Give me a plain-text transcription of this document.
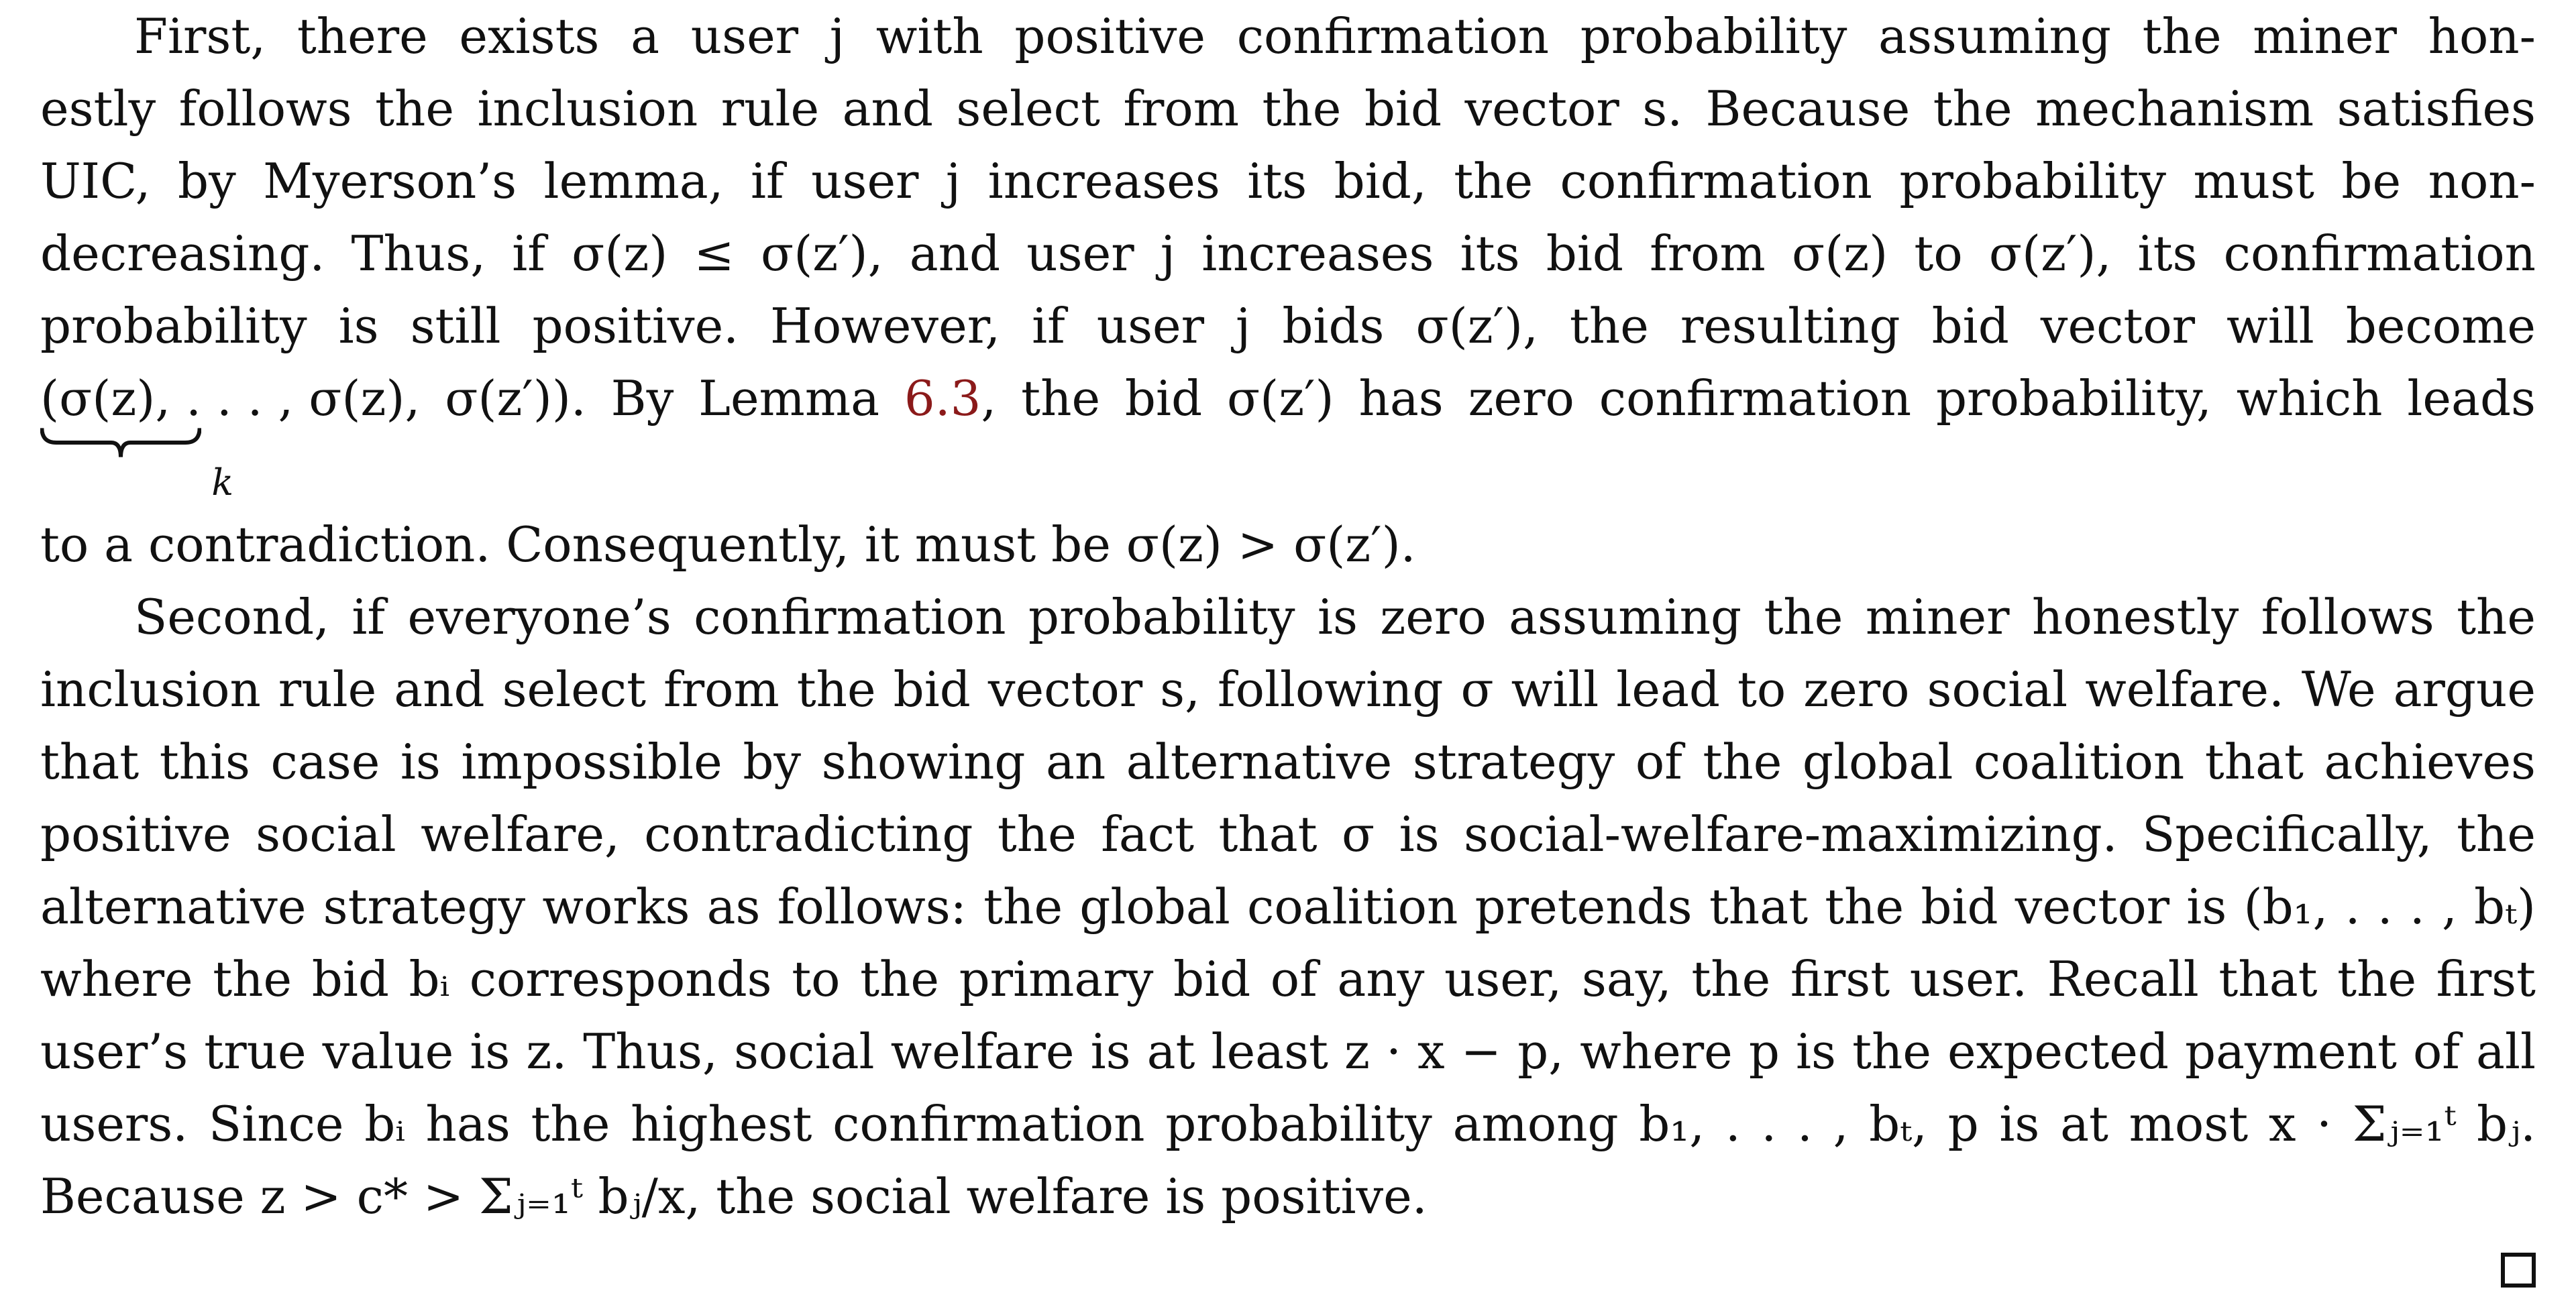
First, there exists a user j with positive confirmation probability assuming the miner hon-

estly follows the inclusion rule and select from the bid vector s. Because the mechanism satisfies

UIC, by Myerson’s lemma, if user j increases its bid, the confirmation probability must be non-

decreasing. Thus, if σ(z) ≤ σ(z′), and user j increases its bid from σ(z) to σ(z′), its confirmation

probability is still positive. However, if user j bids σ(z′), the resulting bid vector will become

(σ(z), . . . , σ(z)
k
, σ(z′)). By Lemma 6.3, the bid σ(z′) has zero confirmation probability, which leads

to a contradiction. Consequently, it must be σ(z) > σ(z′).

Second, if everyone’s confirmation probability is zero assuming the miner honestly follows the

inclusion rule and select from the bid vector s, following σ will lead to zero social welfare. We argue

that this case is impossible by showing an alternative strategy of the global coalition that achieves

positive social welfare, contradicting the fact that σ is social-welfare-maximizing. Specifically, the

alternative strategy works as follows: the global coalition pretends that the bid vector is (b₁, . . . , bₜ)

where the bid bᵢ corresponds to the primary bid of any user, say, the first user. Recall that the first

user’s true value is z. Thus, social welfare is at least z · x − p, where p is the expected payment of all

users. Since bᵢ has the highest confirmation probability among b₁, . . . , bₜ, p is at most x · Σⱼ₌₁ᵗ bⱼ.

Because z > c* > Σⱼ₌₁ᵗ bⱼ/x, the social welfare is positive.
